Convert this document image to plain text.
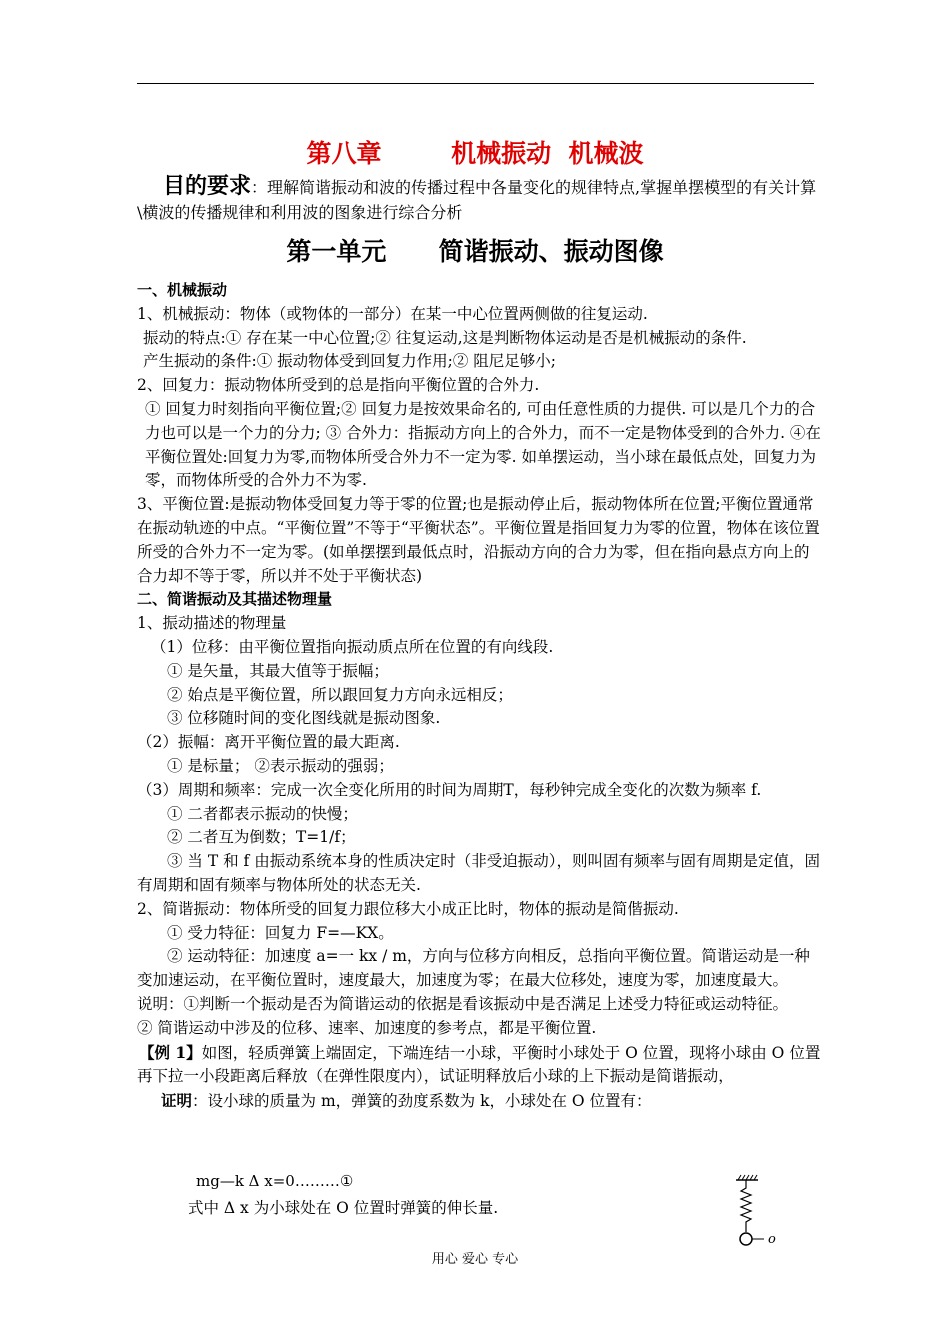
第八章        机械振动  机械波
目的要求：理解简谐振动和波的传播过程中各量变化的规律特点,掌握单摆模型的有关计算\横波的传播规律和利用波的图象进行综合分析
第一单元      简谐振动、振动图像

一、机械振动

1、机械振动：物体（或物体的一部分）在某一中心位置两侧做的往复运动.

振动的特点:① 存在某一中心位置;② 往复运动,这是判断物体运动是否是机械振动的条件.

产生振动的条件:① 振动物体受到回复力作用;② 阻尼足够小;

2、回复力：振动物体所受到的总是指向平衡位置的合外力.

① 回复力时刻指向平衡位置;② 回复力是按效果命名的, 可由任意性质的力提供. 可以是几个力的合力也可以是一个力的分力; ③ 合外力：指振动方向上的合外力，而不一定是物体受到的合外力. ④在平衡位置处:回复力为零,而物体所受合外力不一定为零. 如单摆运动，当小球在最低点处，回复力为零，而物体所受的合外力不为零.

3、平衡位置:是振动物体受回复力等于零的位置;也是振动停止后，振动物体所在位置;平衡位置通常在振动轨迹的中点。“平衡位置”不等于“平衡状态”。平衡位置是指回复力为零的位置，物体在该位置所受的合外力不一定为零。(如单摆摆到最低点时，沿振动方向的合力为零，但在指向悬点方向上的合力却不等于零，所以并不处于平衡状态)

二、简谐振动及其描述物理量

1、振动描述的物理量

（1）位移：由平衡位置指向振动质点所在位置的有向线段.

① 是矢量，其最大值等于振幅；

② 始点是平衡位置，所以跟回复力方向永远相反；

③ 位移随时间的变化图线就是振动图象.

（2）振幅：离开平衡位置的最大距离.

① 是标量； ②表示振动的强弱；

（3）周期和频率：完成一次全变化所用的时间为周期T，每秒钟完成全变化的次数为频率 f.

① 二者都表示振动的快慢；

② 二者互为倒数；T=1/f；

③ 当 T 和 f 由振动系统本身的性质决定时（非受迫振动），则叫固有频率与固有周期是定值，固有周期和固有频率与物体所处的状态无关.

2、简谐振动：物体所受的回复力跟位移大小成正比时，物体的振动是简偕振动.

① 受力特征：回复力 F=—KX。

② 运动特征：加速度 a=一 kx / m，方向与位移方向相反，总指向平衡位置。简谐运动是一种变加速运动，在平衡位置时，速度最大，加速度为零；在最大位移处，速度为零，加速度最大。

说明：①判断一个振动是否为简谐运动的依据是看该振动中是否满足上述受力特征或运动特征。

② 简谐运动中涉及的位移、速率、加速度的参考点，都是平衡位置.

【例 1】如图，轻质弹簧上端固定，下端连结一小球，平衡时小球处于 O 位置，现将小球由 O 位置再下拉一小段距离后释放（在弹性限度内），试证明释放后小球的上下振动是简谐振动，

证明：设小球的质量为 m，弹簧的劲度系数为 k，小球处在 O 位置有：

mg—k Δ x=0………①
式中 Δ x 为小球处在 O 位置时弹簧的伸长量.
o
用心 爱心 专心
